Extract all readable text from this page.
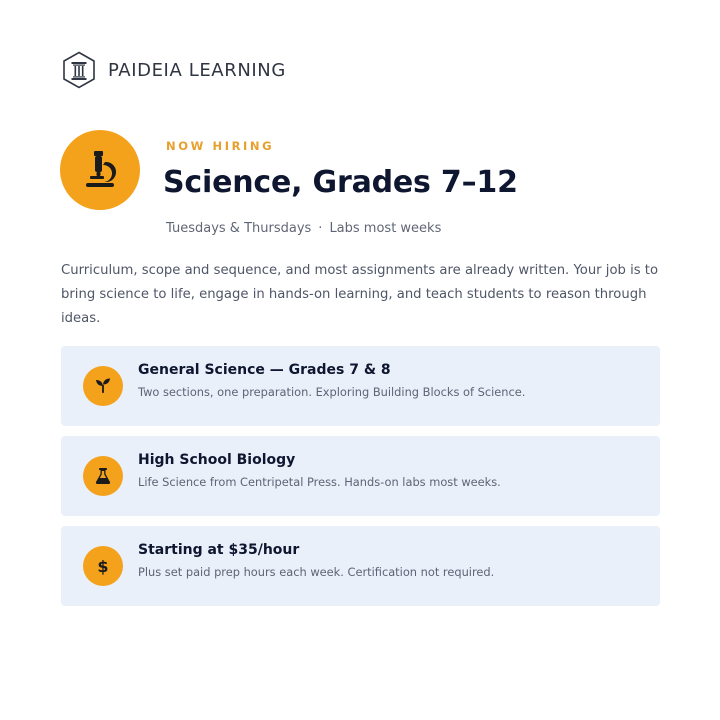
PAIDEIA LEARNING
NOW HIRING
Science, Grades 7–12
Tuesdays & Thursdays · Labs most weeks

Curriculum, scope and sequence, and most assignments are already written. Your job is to bring science to life, engage in hands-on learning, and teach students to reason through ideas.

General Science — Grades 7 & 8
Two sections, one preparation. Exploring Building Blocks of Science.
High School Biology
Life Science from Centripetal Press. Hands-on labs most weeks.
$
Starting at $35/hour
Plus set paid prep hours each week. Certification not required.
